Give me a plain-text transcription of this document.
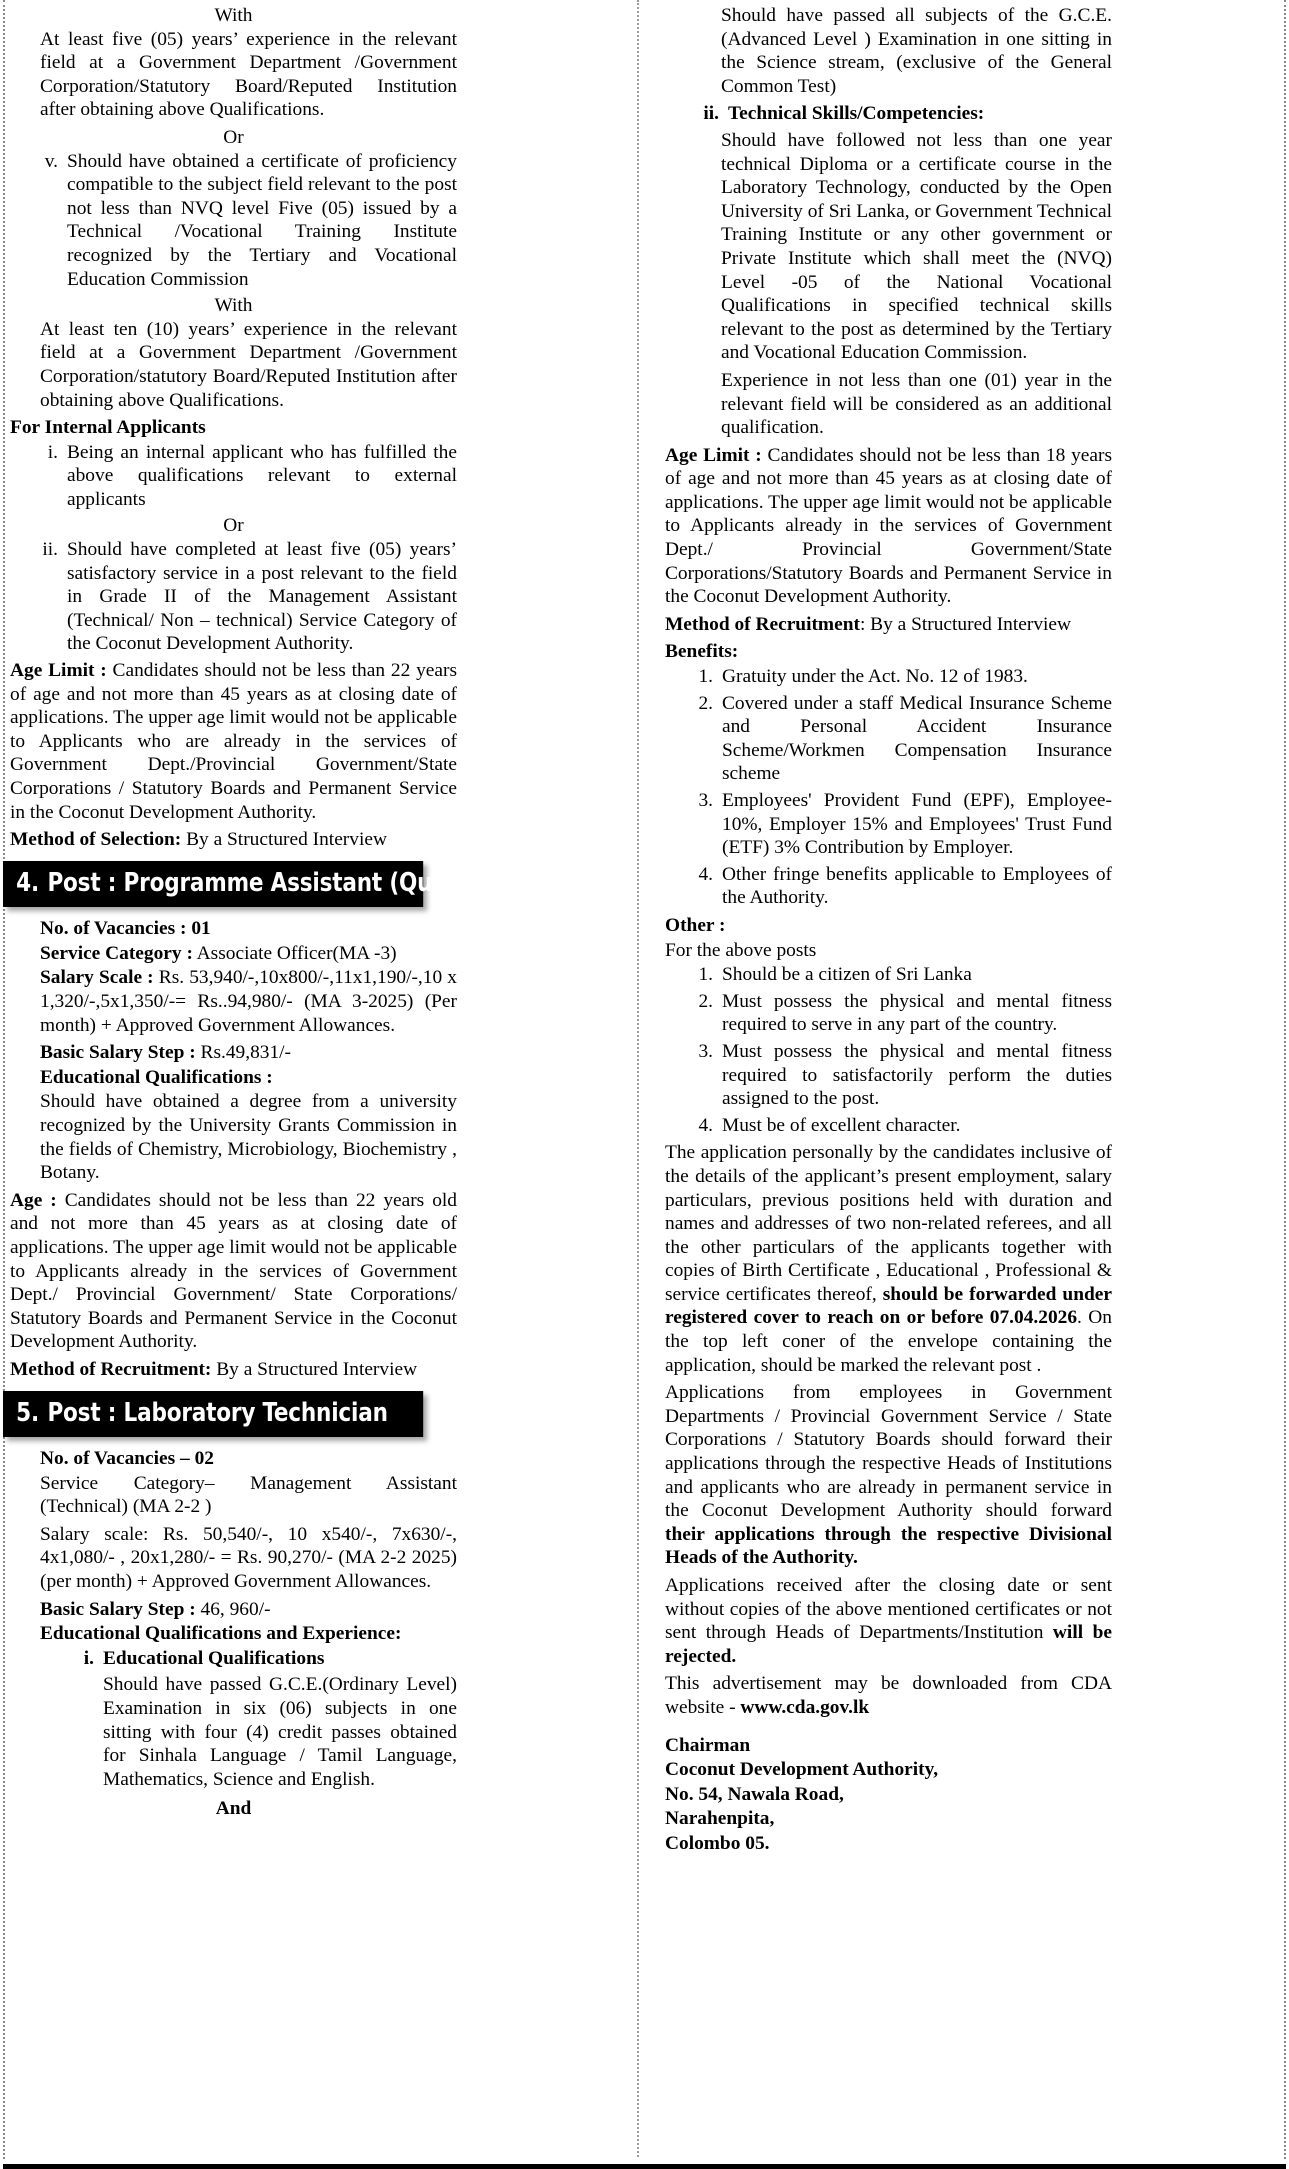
With

At least five (05) years’ experience in the relevant field at a Government Department /Government Corporation/Statutory Board/Reputed Institution after obtaining above Qualifications.

Or

v. Should have obtained a certificate of proficiency compatible to the subject field relevant to the post not less than NVQ level Five (05) issued by a Technical /Vocational Training Institute recognized by the Tertiary and Vocational Education Commission

With

At least ten (10) years’ experience in the relevant field at a Government Department /Government Corporation/statutory Board/Reputed Institution after obtaining above Qualifications.

For Internal Applicants

i. Being an internal applicant who has fulfilled the above qualifications relevant to external applicants

Or

ii. Should have completed at least five (05) years’ satisfactory service in a post relevant to the field in Grade II of the Management Assistant (Technical/ Non – technical) Service Category of the Coconut Development Authority.

Age Limit : Candidates should not be less than 22 years of age and not more than 45 years as at closing date of applications. The upper age limit would not be applicable to Applicants who are already in the services of Government Dept./Provincial Government/State Corporations / Statutory Boards and Permanent Service in the Coconut Development Authority.

Method of Selection: By a Structured Interview

4. Post : Programme Assistant (Quality Control )

No. of Vacancies : 01

Service Category : Associate Officer(MA -3)

Salary Scale : Rs. 53,940/-,10x800/-,11x1,190/-,10 x 1,320/-,5x1,350/-= Rs..94,980/- (MA 3-2025) (Per month) + Approved Government Allowances.

Basic Salary Step : Rs.49,831/-

Educational Qualifications :

Should have obtained a degree from a university recognized by the University Grants Commission in the fields of Chemistry, Microbiology, Biochemistry , Botany.

Age : Candidates should not be less than 22 years old and not more than 45 years as at closing date of applications. The upper age limit would not be applicable to Applicants already in the services of Government Dept./ Provincial Government/ State Corporations/ Statutory Boards and Permanent Service in the Coconut Development Authority.

Method of Recruitment: By a Structured Interview

5. Post : Laboratory Technician

No. of Vacancies – 02

Service Category– Management Assistant (Technical) (MA 2-2 )

Salary scale: Rs. 50,540/-, 10 x540/-, 7x630/-, 4x1,080/- , 20x1,280/- = Rs. 90,270/- (MA 2-2 2025) (per month) + Approved Government Allowances.

Basic Salary Step : 46, 960/-

Educational Qualifications and Experience:

i. Educational Qualifications

Should have passed G.C.E.(Ordinary Level) Examination in six (06) subjects in one sitting with four (4) credit passes obtained for Sinhala Language / Tamil Language, Mathematics, Science and English.

And

Should have passed all subjects of the G.C.E.(Advanced Level ) Examination in one sitting in the Science stream, (exclusive of the General Common Test)

ii. Technical Skills/Competencies:

Should have followed not less than one year technical Diploma or a certificate course in the Laboratory Technology, conducted by the Open University of Sri Lanka, or Government Technical Training Institute or any other government or Private Institute which shall meet the (NVQ) Level -05 of the National Vocational Qualifications in specified technical skills relevant to the post as determined by the Tertiary and Vocational Education Commission.

Experience in not less than one (01) year in the relevant field will be considered as an additional qualification.

Age Limit : Candidates should not be less than 18 years of age and not more than 45 years as at closing date of applications. The upper age limit would not be applicable to Applicants already in the services of Government Dept./ Provincial Government/State Corporations/Statutory Boards and Permanent Service in the Coconut Development Authority.

Method of Recruitment: By a Structured Interview

Benefits:

1. Gratuity under the Act. No. 12 of 1983.
2. Covered under a staff Medical Insurance Scheme and Personal Accident Insurance Scheme/Workmen Compensation Insurance scheme
3. Employees' Provident Fund (EPF), Employee-10%, Employer 15% and Employees' Trust Fund (ETF) 3% Contribution by Employer.
4. Other fringe benefits applicable to Employees of the Authority.

Other :

For the above posts

1. Should be a citizen of Sri Lanka
2. Must possess the physical and mental fitness required to serve in any part of the country.
3. Must possess the physical and mental fitness required to satisfactorily perform the duties assigned to the post.
4. Must be of excellent character.

The application personally by the candidates inclusive of the details of the applicant’s present employment, salary particulars, previous positions held with duration and names and addresses of two non-related referees, and all the other particulars of the applicants together with copies of Birth Certificate , Educational , Professional & service certificates thereof, should be forwarded under registered cover to reach on or before 07.04.2026. On the top left coner of the envelope containing the application, should be marked the relevant post .

Applications from employees in Government Departments / Provincial Government Service / State Corporations / Statutory Boards should forward their applications through the respective Heads of Institutions and applicants who are already in permanent service in the Coconut Development Authority should forward their applications through the respective Divisional Heads of the Authority.

Applications received after the closing date or sent without copies of the above mentioned certificates or not sent through Heads of Departments/Institution will be rejected.

This advertisement may be downloaded from CDA website - www.cda.gov.lk

Chairman

Coconut Development Authority,

No. 54, Nawala Road,

Narahenpita,

Colombo 05.
